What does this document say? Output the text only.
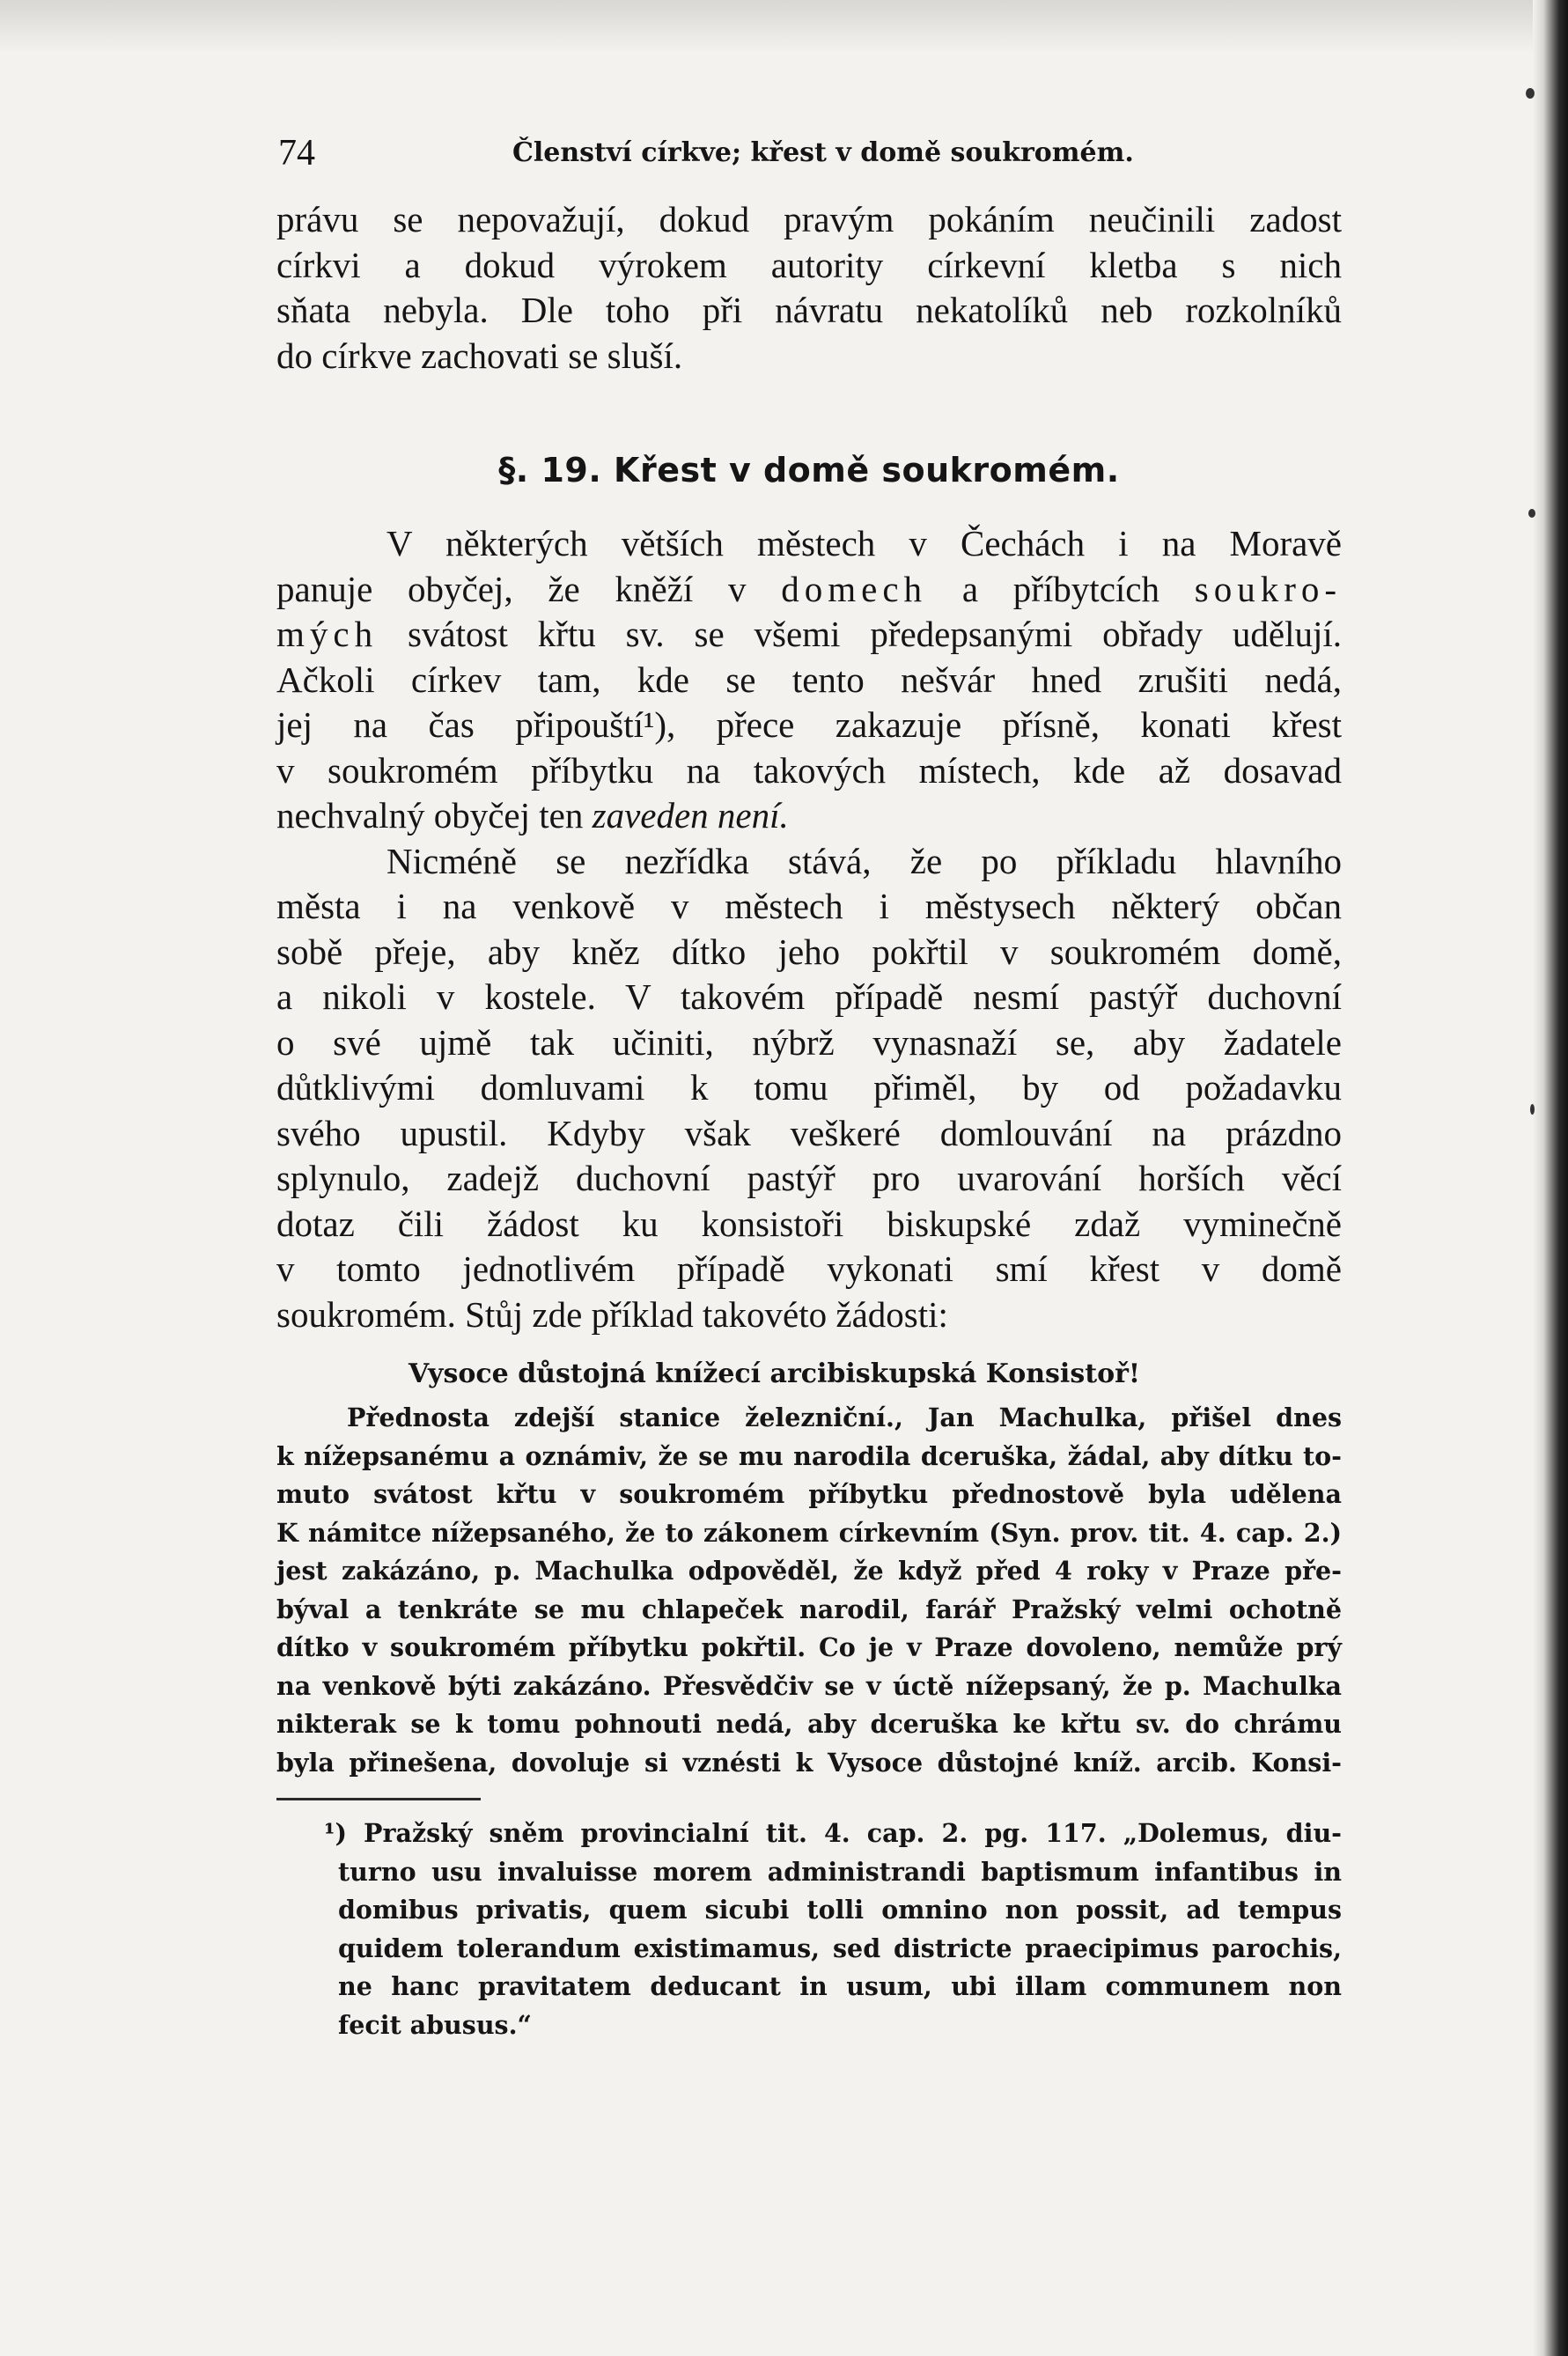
74	Členství církve; křest v domě soukromém.
právu se nepovažují, dokud pravým pokáním neučinili zadost
církvi a dokud výrokem autority církevní kletba s nich
sňata nebyla. Dle toho při návratu nekatolíků neb rozkolníků
do církve zachovati se sluší.
§. 19. Křest v domě soukromém.
V některých větších městech v Čechách i na Moravě
panuje obyčej, že kněží v domech a příbytcích soukro-
mých svátost křtu sv. se všemi předepsanými obřady udělují.
Ačkoli církev tam, kde se tento nešvár hned zrušiti nedá,
jej na čas připouští¹), přece zakazuje přísně, konati křest
v soukromém příbytku na takových místech, kde až dosavad
nechvalný obyčej ten zaveden není.
Nicméně se nezřídka stává, že po příkladu hlavního
města i na venkově v městech i městysech některý občan
sobě přeje, aby kněz dítko jeho pokřtil v soukromém domě,
a nikoli v kostele. V takovém případě nesmí pastýř duchovní
o své ujmě tak učiniti, nýbrž vynasnaží se, aby žadatele
důtklivými domluvami k tomu přiměl, by od požadavku
svého upustil. Kdyby však veškeré domlouvání na prázdno
splynulo, zadejž duchovní pastýř pro uvarování horších věcí
dotaz čili žádost ku konsistoři biskupské zdaž vyminečně
v tomto jednotlivém případě vykonati smí křest v domě
soukromém. Stůj zde příklad takovéto žádosti:
Vysoce důstojná knížecí arcibiskupská Konsistoř!
Přednosta zdejší stanice železniční., Jan Machulka, přišel dnes
k nížepsanému a oznámiv, že se mu narodila dceruška, žádal, aby dítku to-
muto svátost křtu v soukromém příbytku přednostově byla udělena
K námitce nížepsaného, že to zákonem církevním (Syn. prov. tit. 4. cap. 2.)
jest zakázáno, p. Machulka odpověděl, že když před 4 roky v Praze pře-
býval a tenkráte se mu chlapeček narodil, farář Pražský velmi ochotně
dítko v soukromém příbytku pokřtil. Co je v Praze dovoleno, nemůže prý
na venkově býti zakázáno. Přesvědčiv se v úctě nížepsaný, že p. Machulka
nikterak se k tomu pohnouti nedá, aby dceruška ke křtu sv. do chrámu
byla přinešena, dovoluje si vznésti k Vysoce důstojné kníž. arcib. Konsi-
¹) Pražský sněm provincialní tit. 4. cap. 2. pg. 117. „Dolemus, diu-
turno usu invaluisse morem administrandi baptismum infantibus in
domibus privatis, quem sicubi tolli omnino non possit, ad tempus
quidem tolerandum existimamus, sed districte praecipimus parochis,
ne hanc pravitatem deducant in usum, ubi illam communem non
fecit abusus.“
